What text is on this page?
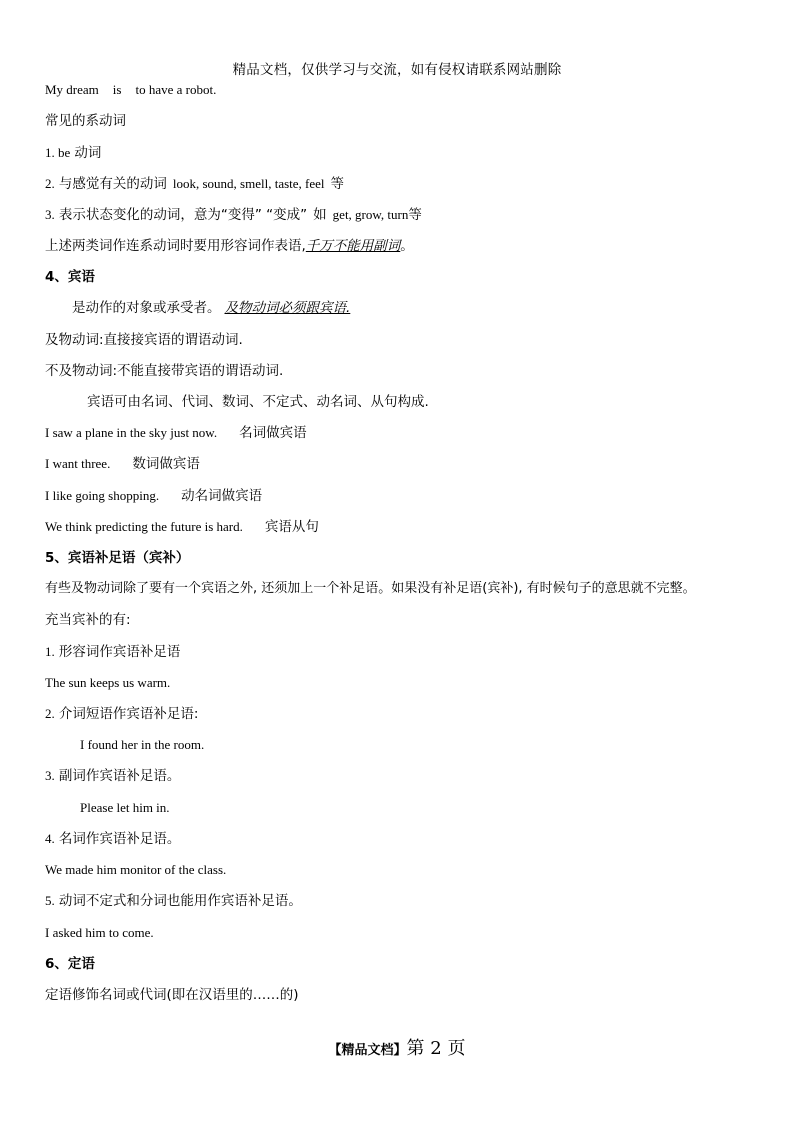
精品文档，仅供学习与交流，如有侵权请联系网站删除
My dream is to have a robot.
常见的系动词
1. be 动词
2. 与感觉有关的动词 look, sound, smell, taste, feel 等
3. 表示状态变化的动词，意为“变得” “变成” 如 get, grow, turn等
上述两类词作连系动词时要用形容词作表语,千万不能用副词。
4、宾语
是动作的对象或承受者。 及物动词必须跟宾语.
及物动词:直接接宾语的谓语动词.
不及物动词:不能直接带宾语的谓语动词.
宾语可由名词、代词、数词、不定式、动名词、从句构成.
I saw a plane in the sky just now. 名词做宾语
I want three. 数词做宾语
I like going shopping. 动名词做宾语
We think predicting the future is hard. 宾语从句
5、宾语补足语（宾补）
有些及物动词除了要有一个宾语之外, 还须加上一个补足语。如果没有补足语(宾补), 有时候句子的意思就不完整。
充当宾补的有:
1. 形容词作宾语补足语
The sun keeps us warm.
2. 介词短语作宾语补足语:
I found her in the room.
3. 副词作宾语补足语。
Please let him in.
4. 名词作宾语补足语。
We made him monitor of the class.
5. 动词不定式和分词也能用作宾语补足语。
I asked him to come.
6、定语
定语修饰名词或代词(即在汉语里的……的)
【精品文档】第 2 页
